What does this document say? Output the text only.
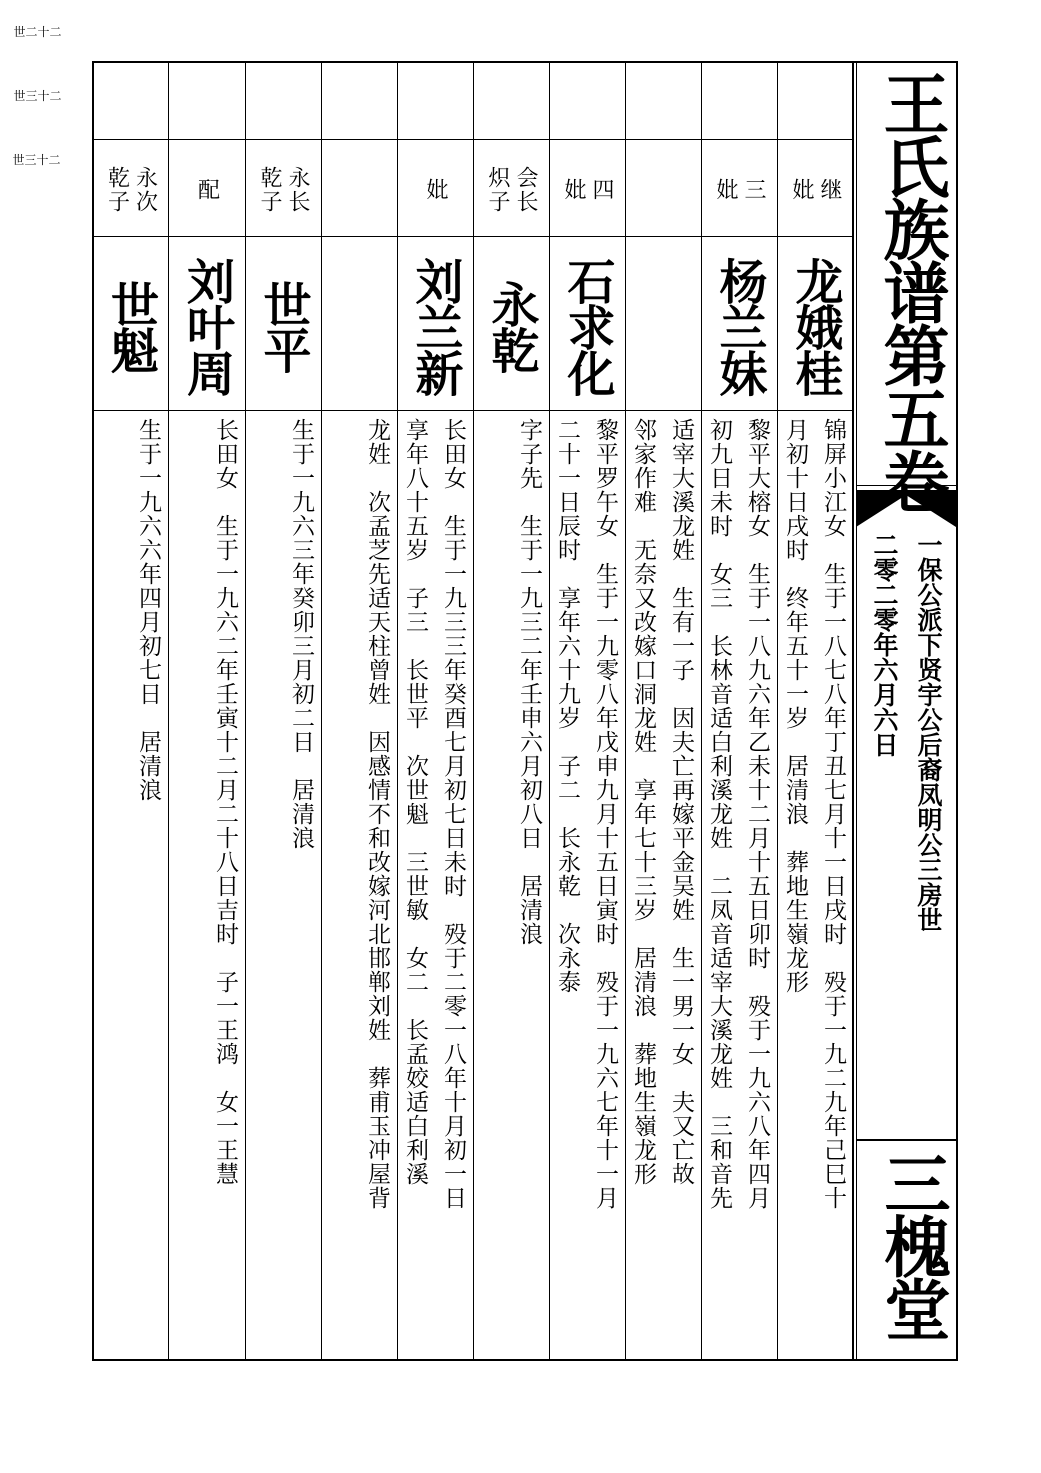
王氏族谱第五卷
一保公派下贤宇公后裔凤明公三房世
二零二零年六月六日
三槐堂
继
妣
龙娥桂
锦屏小江女　生于一八七八年丁丑七月十一日戌时　殁于一九二九年己巳十
月初十日戌时　终年五十一岁　居清浪　葬地生嶺龙形
三
妣
杨兰妹
黎平大榕女　生于一八九六年乙未十二月十五日卯时　殁于一九六八年四月
初九日未时　女三　长林音适白利溪龙姓　二凤音适宰大溪龙姓　三和音先
适宰大溪龙姓　生有一子　因夫亡再嫁平金吴姓　生一男一女　夫又亡故
邻家作难　无奈又改嫁口洞龙姓　享年七十三岁　居清浪　葬地生嶺龙形
四
妣
石求化
黎平罗午女　生于一九零八年戊申九月十五日寅时　殁于一九六七年十一月
二十一日辰时　享年六十九岁　子二　长永乾　次永泰
世二十二
会长
炽子
永乾
字子先　生于一九三二年壬申六月初八日　居清浪
妣
刘兰新
长田女　生于一九三三年癸酉七月初七日未时　殁于二零一八年十月初一日
享年八十五岁　子三　长世平　次世魁　三世敏　女二　长孟姣适白利溪
龙姓　次孟芝先适天柱曾姓　因感情不和改嫁河北邯郸刘姓　葬甫玉冲屋背
世三十二
永长
乾子
世平
生于一九六三年癸卯三月初二日　居清浪
配
刘叶周
长田女　生于一九六二年壬寅十二月二十八日吉时　子一王鸿　女一王慧
世三十二
永次
乾子
世魁
生于一九六六年四月初七日　居清浪
